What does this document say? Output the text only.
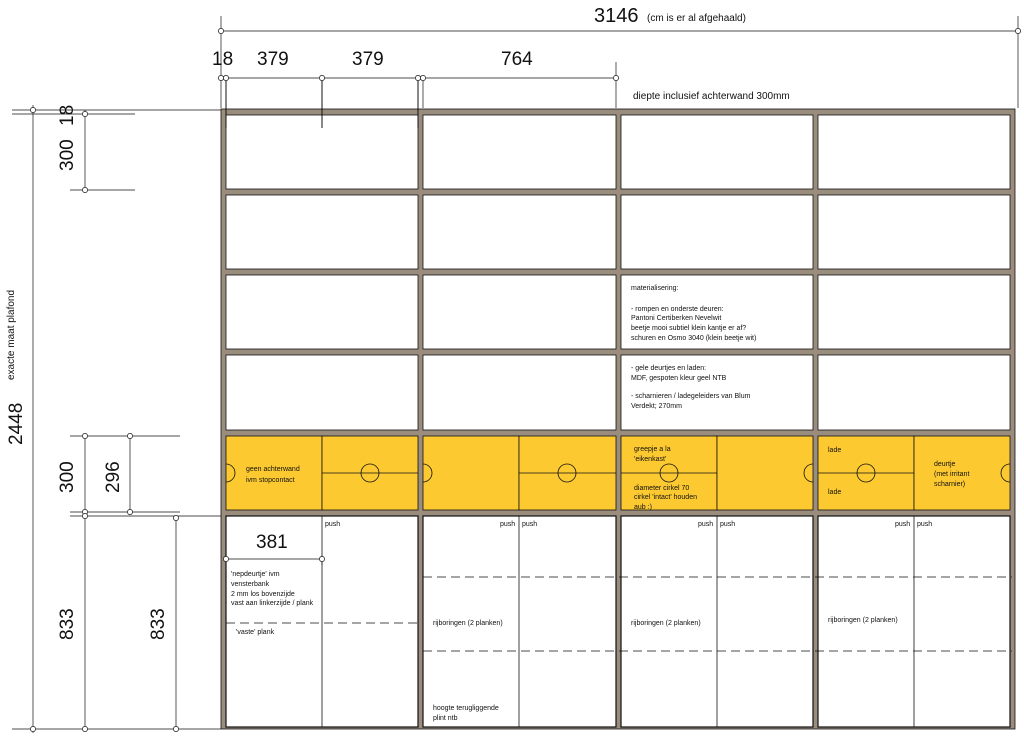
3146 (cm is er al afgehaald)
18 379	379	764
diepte inclusief achterwand 300mm
18
300
2448
exacte maat plafond
300 296
833	833
381
materialisering: - rompen en onderste deuren: Pantoni Certiberken Nevelwit beetje mooi subtiel klein kantje er af? schuren en Osmo 3040 (klein beetje wit) - gele deurtjes en laden: MDF, gespoten kleur geel NTB - scharnieren / ladegeleiders van Blum Verdekt; 270mm
geen achterwand ivm stopcontact
greepje a la 'eikenkast'
diameter cirkel 70 cirkel 'intact' houden aub :)
lade
lade
deurtje (met irritant scharnier)
'nepdeurtje' ivm vensterbank 2 mm los bovenzijde vast aan linkerzijde / plank
'vaste' plank
rijboringen (2 planken)	rijboringen (2 planken)	rijboringen (2 planken)
hoogte terugliggende plint ntb
push	push push	push push	push push
